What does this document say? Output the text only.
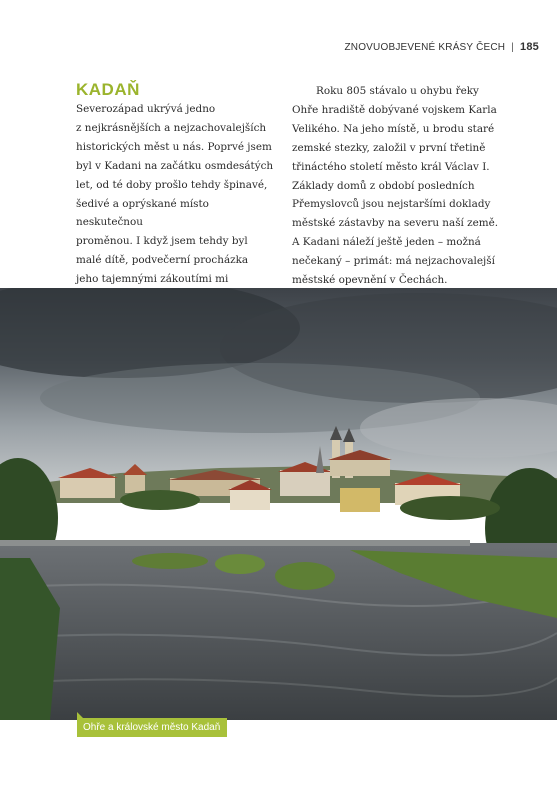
ZNOVUOBJEVENÉ KRÁSY ČECH | 185
KADAŇ

Severozápad ukrývá jedno

z nejkrásnějších a nejzachovalejších

historických měst u nás. Poprvé jsem

byl v Kadani na začátku osmdesátých

let, od té doby prošlo tehdy špinavé,

šedivé a oprýskané místo neskutečnou

proměnou. I když jsem tehdy byl

malé dítě, podvečerní procházka

jeho tajemnými zákoutími mi

Roku 805 stávalo u ohybu řeky

Ohře hradiště dobývané vojskem Karla

Velikého. Na jeho místě, u brodu staré

zemské stezky, založil v první třetině

třináctého století město král Václav I.

Základy domů z období posledních

Přemyslovců jsou nejstaršími doklady

městské zástavby na severu naší země.

A Kadani náleží ještě jeden – možná

nečekaný – primát: má nejzachovalejší

městské opevnění v Čechách.

Ohře a královské město Kadaň
